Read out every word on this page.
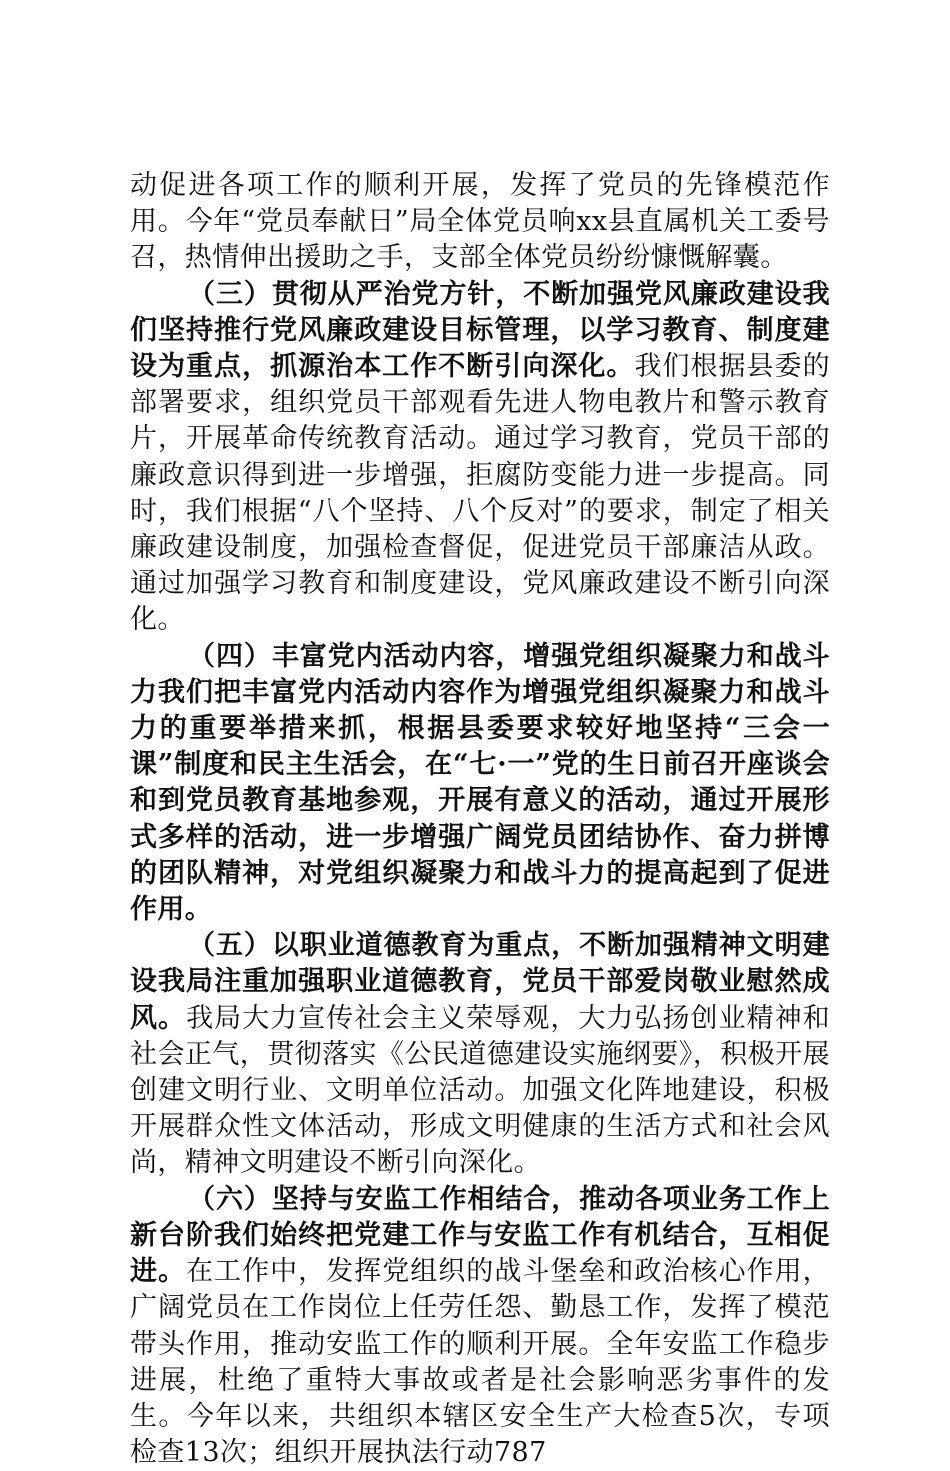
动促进各项工作的顺利开展，发挥了党员的先锋模范作用。今年“党员奉献日”局全体党员响xx县直属机关工委号召，热情伸出援助之手，支部全体党员纷纷慷慨解囊。

（三）贯彻从严治党方针，不断加强党风廉政建设我们坚持推行党风廉政建设目标管理，以学习教育、制度建设为重点，抓源治本工作不断引向深化。我们根据县委的部署要求，组织党员干部观看先进人物电教片和警示教育片，开展革命传统教育活动。通过学习教育，党员干部的廉政意识得到进一步增强，拒腐防变能力进一步提高。同时，我们根据“八个坚持、八个反对”的要求，制定了相关廉政建设制度，加强检查督促，促进党员干部廉洁从政。通过加强学习教育和制度建设，党风廉政建设不断引向深化。

（四）丰富党内活动内容，增强党组织凝聚力和战斗力我们把丰富党内活动内容作为增强党组织凝聚力和战斗力的重要举措来抓，根据县委要求较好地坚持“三会一课”制度和民主生活会，在“七·一”党的生日前召开座谈会和到党员教育基地参观，开展有意义的活动，通过开展形式多样的活动，进一步增强广阔党员团结协作、奋力拼博的团队精神，对党组织凝聚力和战斗力的提高起到了促进作用。

（五）以职业道德教育为重点，不断加强精神文明建设我局注重加强职业道德教育，党员干部爱岗敬业慰然成风。我局大力宣传社会主义荣辱观，大力弘扬创业精神和社会正气，贯彻落实《公民道德建设实施纲要》，积极开展创建文明行业、文明单位活动。加强文化阵地建设，积极开展群众性文体活动，形成文明健康的生活方式和社会风尚，精神文明建设不断引向深化。

（六）坚持与安监工作相结合，推动各项业务工作上新台阶我们始终把党建工作与安监工作有机结合，互相促进。在工作中，发挥党组织的战斗堡垒和政治核心作用，广阔党员在工作岗位上任劳任怨、勤恳工作，发挥了模范带头作用，推动安监工作的顺利开展。全年安监工作稳步进展，杜绝了重特大事故或者是社会影响恶劣事件的发生。今年以来，共组织本辖区安全生产大检查5次，专项检查13次；组织开展执法行动787
